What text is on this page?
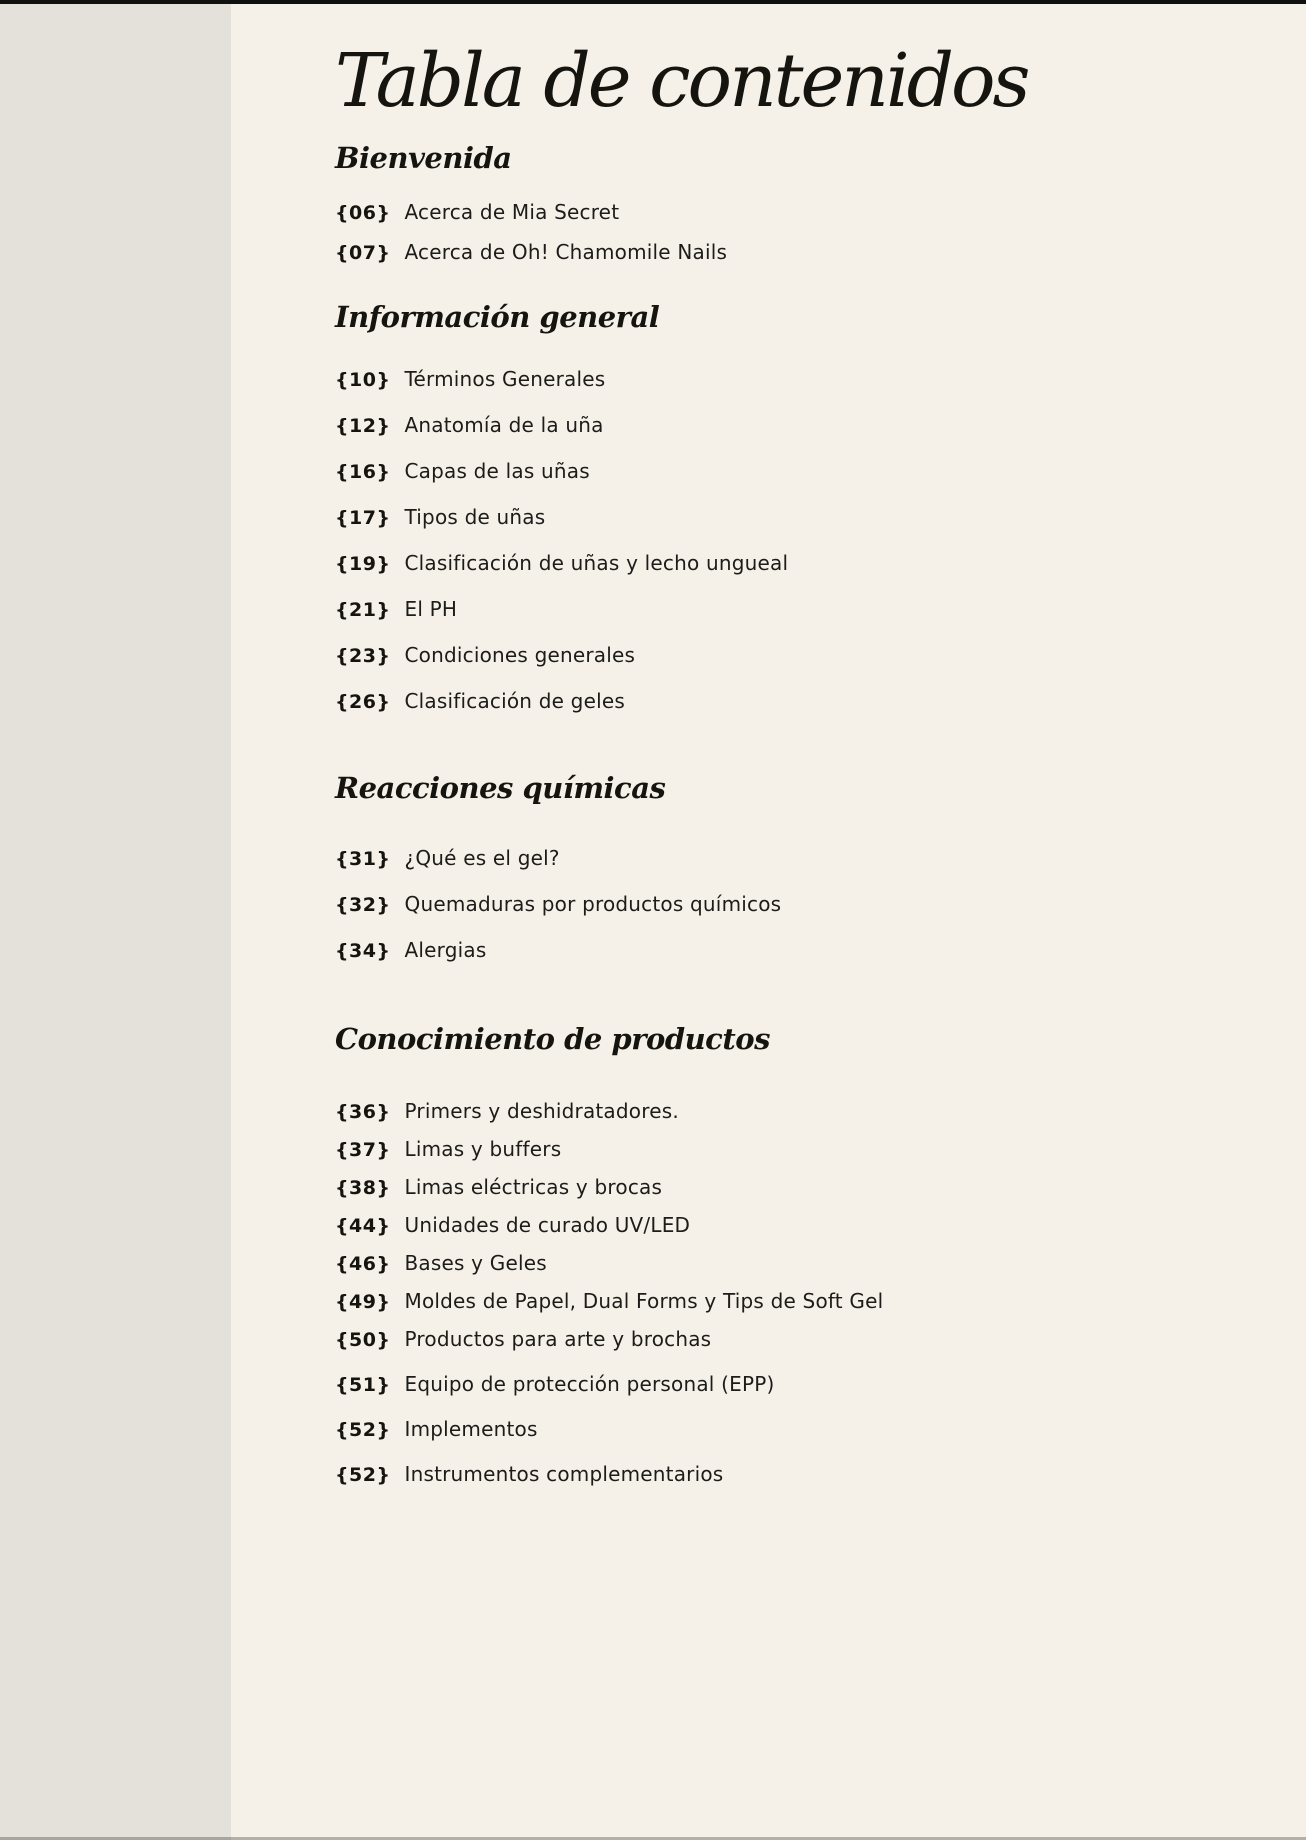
Tabla de contenidos
Bienvenida
{06} Acerca de Mia Secret
{07} Acerca de Oh! Chamomile Nails
Información general
{10} Términos Generales
{12} Anatomía de la uña
{16} Capas de las uñas
{17} Tipos de uñas
{19} Clasificación de uñas y lecho ungueal
{21} El PH
{23} Condiciones generales
{26} Clasificación de geles
Reacciones químicas
{31} ¿Qué es el gel?
{32} Quemaduras por productos químicos
{34} Alergias
Conocimiento de productos
{36} Primers y deshidratadores.
{37} Limas y buffers
{38} Limas eléctricas y brocas
{44} Unidades de curado UV/LED
{46} Bases y Geles
{49} Moldes de Papel, Dual Forms y Tips de Soft Gel
{50} Productos para arte y brochas
{51} Equipo de protección personal (EPP)
{52} Implementos
{52} Instrumentos complementarios
